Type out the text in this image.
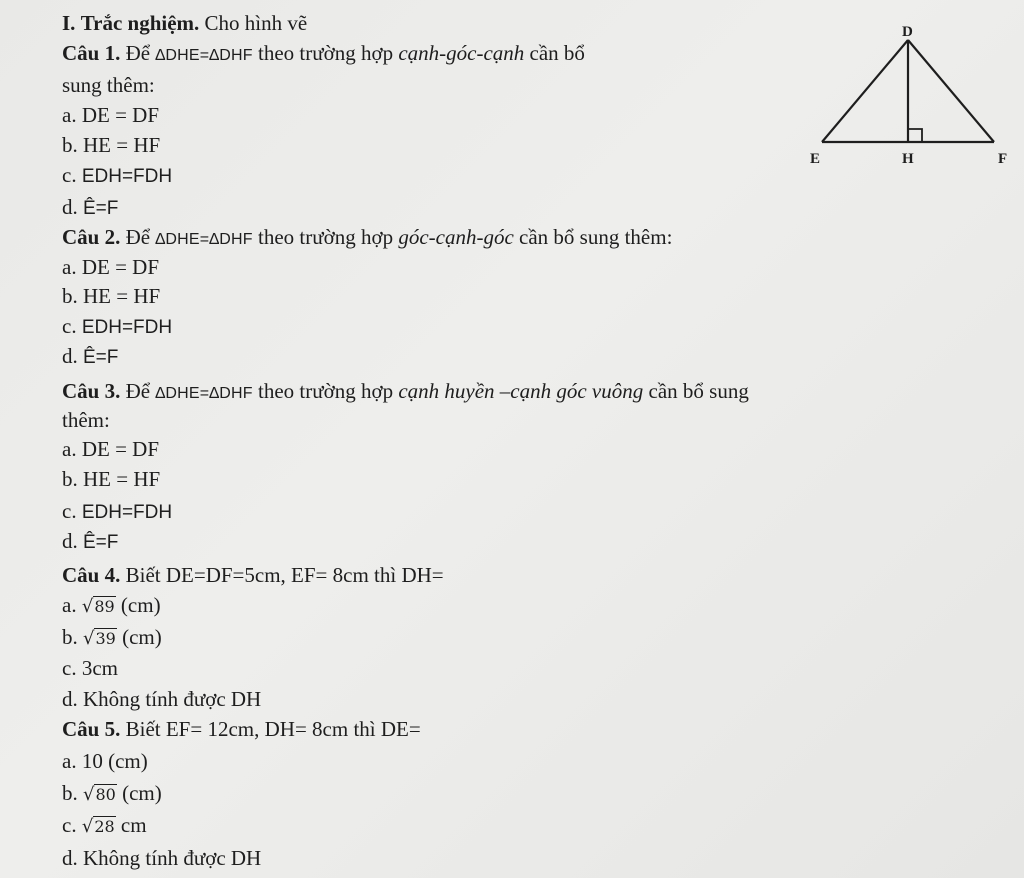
I. Trắc nghiệm. Cho hình vẽ	D
E	H	F
Câu 1. Để ∆DHE=∆DHF theo trường hợp cạnh-góc-cạnh cần bổ
sung thêm:
a. DE = DF
b. HE = HF
c. EDH=FDH
d. Ê=F
Câu 2. Để ∆DHE=∆DHF theo trường hợp góc-cạnh-góc cần bổ sung thêm:
a. DE = DF
b. HE = HF
c. EDH=FDH
d. Ê=F
Câu 3. Để ∆DHE=∆DHF theo trường hợp cạnh huyền –cạnh góc vuông cần bổ sung
thêm:
a. DE = DF
b. HE = HF
c. EDH=FDH
d. Ê=F
Câu 4. Biết DE=DF=5cm, EF= 8cm thì DH=
a. √89 (cm)
b. √39 (cm)
c. 3cm
d. Không tính được DH
Câu 5. Biết EF= 12cm, DH= 8cm thì DE=
a. 10 (cm)
b. √80 (cm)
c. √28 cm
d. Không tính được DH
